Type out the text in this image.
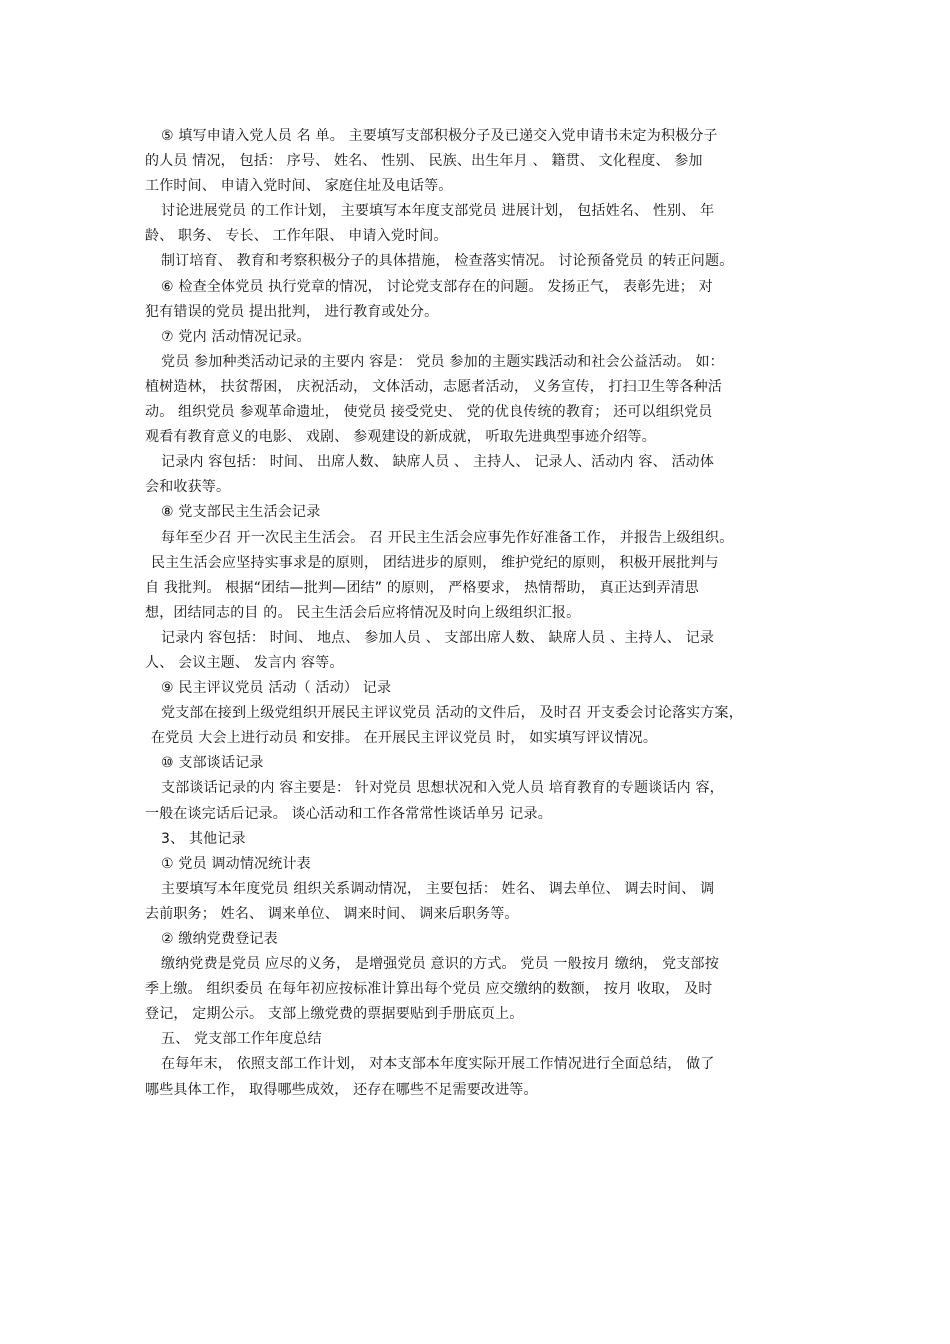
⑤ 填写申请入党人员 名 单。 主要填写支部积极分子及已递交入党申请书未定为积极分子
的人员 情况， 包括： 序号、 姓名、 性别、 民族、出生年月 、 籍贯、 文化程度、 参加
工作时间、 申请入党时间、 家庭住址及电话等。
讨论进展党员 的工作计划， 主要填写本年度支部党员 进展计划， 包括姓名、 性别、 年
龄、 职务、 专长、 工作年限、 申请入党时间。
制订培育、 教育和考察积极分子的具体措施， 检查落实情况。 讨论预备党员 的转正问题。
⑥ 检查全体党员 执行党章的情况， 讨论党支部存在的问题。 发扬正气， 表彰先进； 对
犯有错误的党员 提出批判， 进行教育或处分。
⑦ 党内 活动情况记录。
党员 参加种类活动记录的主要内 容是： 党员 参加的主题实践活动和社会公益活动。 如：
植树造林， 扶贫帮困， 庆祝活动， 文体活动，志愿者活动， 义务宣传， 打扫卫生等各种活
动。 组织党员 参观革命遗址， 使党员 接受党史、 党的优良传统的教育； 还可以组织党员
观看有教育意义的电影、 戏剧、 参观建设的新成就， 听取先进典型事迹介绍等。
记录内 容包括： 时间、 出席人数、 缺席人员 、 主持人、 记录人、活动内 容、 活动体
会和收获等。
⑧ 党支部民主生活会记录
每年至少召 开一次民主生活会。 召 开民主生活会应事先作好准备工作， 并报告上级组织。
民主生活会应坚持实事求是的原则， 团结进步的原则， 维护党纪的原则， 积极开展批判与
自 我批判。 根据“团结—批判—团结” 的原则， 严格要求， 热情帮助， 真正达到弄清思
想，团结同志的目 的。 民主生活会后应将情况及时向上级组织汇报。
记录内 容包括： 时间、 地点、 参加人员 、 支部出席人数、 缺席人员 、主持人、 记录
人、 会议主题、 发言内 容等。
⑨ 民主评议党员 活动（ 活动） 记录
党支部在接到上级党组织开展民主评议党员 活动的文件后， 及时召 开支委会讨论落实方案，
在党员 大会上进行动员 和安排。 在开展民主评议党员 时， 如实填写评议情况。
⑩ 支部谈话记录
支部谈话记录的内 容主要是： 针对党员 思想状况和入党人员 培育教育的专题谈话内 容，
一般在谈完话后记录。 谈心活动和工作各常常性谈话单另 记录。
3、 其他记录
① 党员 调动情况统计表
主要填写本年度党员 组织关系调动情况， 主要包括： 姓名、 调去单位、 调去时间、 调
去前职务； 姓名、 调来单位、 调来时间、 调来后职务等。
② 缴纳党费登记表
缴纳党费是党员 应尽的义务， 是增强党员 意识的方式。 党员 一般按月 缴纳， 党支部按
季上缴。 组织委员 在每年初应按标准计算出每个党员 应交缴纳的数额， 按月 收取， 及时
登记， 定期公示。 支部上缴党费的票据要贴到手册底页上。
五、 党支部工作年度总结
在每年末， 依照支部工作计划， 对本支部本年度实际开展工作情况进行全面总结， 做了
哪些具体工作， 取得哪些成效， 还存在哪些不足需要改进等。
